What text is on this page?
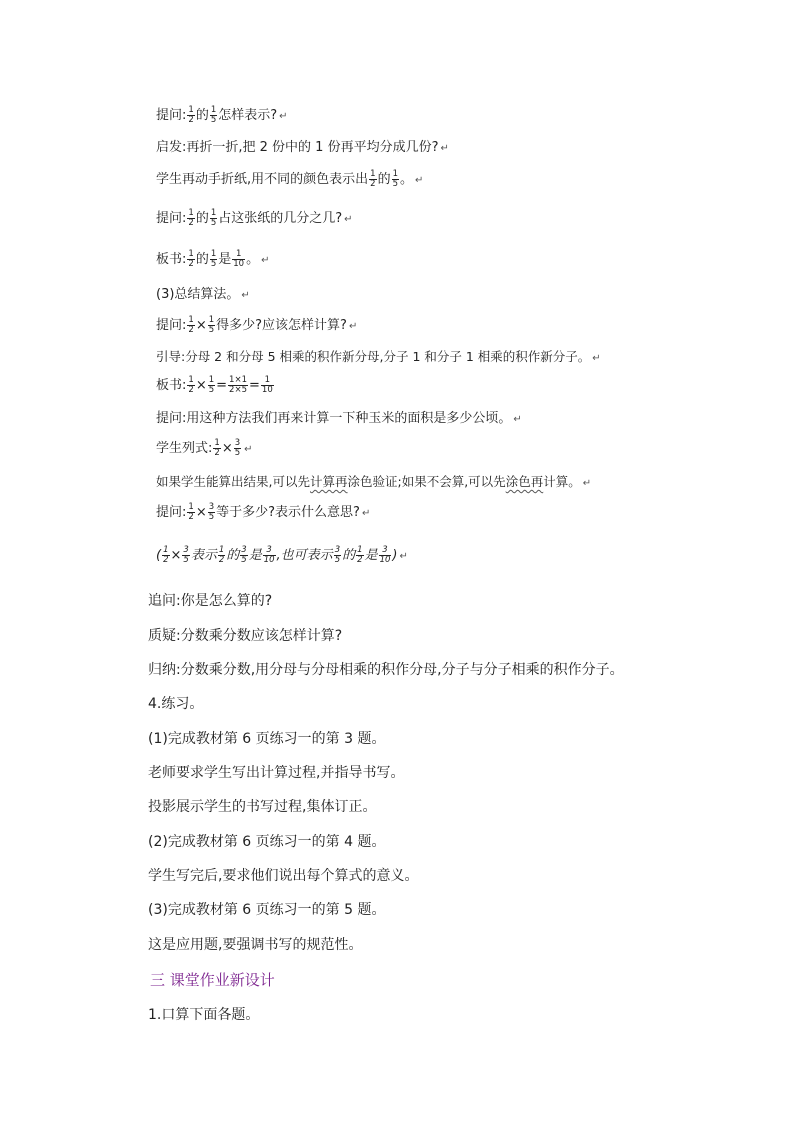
提问: $\frac{1}{2}$ 的 $\frac{1}{5}$ 怎样表示? ↵
启发:再折一折,把 2 份中的 1 份再平均分成几份? ↵
学生再动手折纸,用不同的颜色表示出 $\frac{1}{2}$ 的 $\frac{1}{5}$ 。 ↵
提问: $\frac{1}{2}$ 的 $\frac{1}{5}$ 占这张纸的几分之几? ↵
板书: $\frac{1}{2}$ 的 $\frac{1}{5}$ 是 $\frac{1}{10}$ 。 ↵
(3)总结算法。 ↵
提问: $\frac{1}{2} \times \frac{1}{5}$ 得多少?应该怎样计算? ↵
引导:分母 2 和分母 5 相乘的积作新分母,分子 1 和分子 1 相乘的积作新分子。 ↵
板书: $\frac{1}{2} \times \frac{1}{5} = \frac{1\times 1}{2\times 5} = \frac{1}{10}$
提问:用这种方法我们再来计算一下种玉米的面积是多少公顷。 ↵
学生列式: $\frac{1}{2} \times \frac{3}{5}$ ↵
如果学生能算出结果,可以先计算再涂色验证;如果不会算,可以先涂色再计算。 ↵
提问: $\frac{1}{2} \times \frac{3}{5}$ 等于多少?表示什么意思? ↵
( $\frac{1}{2} \times \frac{3}{5}$ 表示 $\frac{1}{2}$ 的 $\frac{3}{5}$ 是 $\frac{3}{10}$ ,也可表示 $\frac{3}{5}$ 的 $\frac{1}{2}$ 是 $\frac{3}{10}$ ) ↵
追问:你是怎么算的?
质疑:分数乘分数应该怎样计算?
归纳:分数乘分数,用分母与分母相乘的积作分母,分子与分子相乘的积作分子。
4.练习。
(1)完成教材第 6 页练习一的第 3 题。
老师要求学生写出计算过程,并指导书写。
投影展示学生的书写过程,集体订正。
(2)完成教材第 6 页练习一的第 4 题。
学生写完后,要求他们说出每个算式的意义。
(3)完成教材第 6 页练习一的第 5 题。
这是应用题,要强调书写的规范性。
三 课堂作业新设计
1.口算下面各题。
